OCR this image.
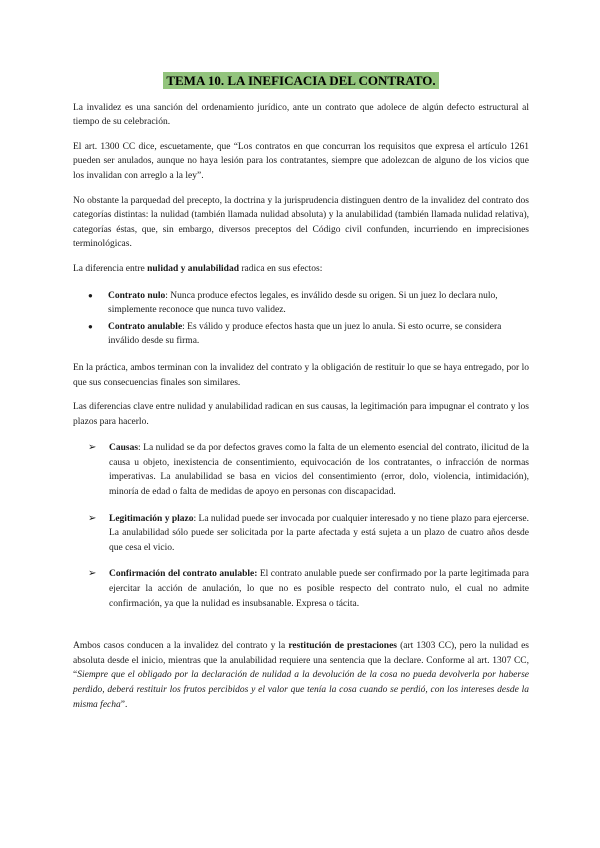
TEMA 10. LA INEFICACIA DEL CONTRATO.

La invalidez es una sanción del ordenamiento jurídico, ante un contrato que adolece de algún defecto estructural al tiempo de su celebración.

El art. 1300 CC dice, escuetamente, que “Los contratos en que concurran los requisitos que expresa el artículo 1261 pueden ser anulados, aunque no haya lesión para los contratantes, siempre que adolezcan de alguno de los vicios que los invalidan con arreglo a la ley”.

No obstante la parquedad del precepto, la doctrina y la jurisprudencia distinguen dentro de la invalidez del contrato dos categorías distintas: la nulidad (también llamada nulidad absoluta) y la anulabilidad (también llamada nulidad relativa), categorías éstas, que, sin embargo, diversos preceptos del Código civil confunden, incurriendo en imprecisiones terminológicas.

La diferencia entre nulidad y anulabilidad radica en sus efectos:

● Contrato nulo: Nunca produce efectos legales, es inválido desde su origen. Si un juez lo declara nulo, simplemente reconoce que nunca tuvo validez.
● Contrato anulable: Es válido y produce efectos hasta que un juez lo anula. Si esto ocurre, se considera inválido desde su firma.

En la práctica, ambos terminan con la invalidez del contrato y la obligación de restituir lo que se haya entregado, por lo que sus consecuencias finales son similares.

Las diferencias clave entre nulidad y anulabilidad radican en sus causas, la legitimación para impugnar el contrato y los plazos para hacerlo.

➢ Causas: La nulidad se da por defectos graves como la falta de un elemento esencial del contrato, ilicitud de la causa u objeto, inexistencia de consentimiento, equivocación de los contratantes, o infracción de normas imperativas. La anulabilidad se basa en vicios del consentimiento (error, dolo, violencia, intimidación), minoría de edad o falta de medidas de apoyo en personas con discapacidad.
➢ Legitimación y plazo: La nulidad puede ser invocada por cualquier interesado y no tiene plazo para ejercerse. La anulabilidad sólo puede ser solicitada por la parte afectada y está sujeta a un plazo de cuatro años desde que cesa el vicio.
➢ Confirmación del contrato anulable: El contrato anulable puede ser confirmado por la parte legitimada para ejercitar la acción de anulación, lo que no es posible respecto del contrato nulo, el cual no admite confirmación, ya que la nulidad es insubsanable. Expresa o tácita.

Ambos casos conducen a la invalidez del contrato y la restitución de prestaciones (art 1303 CC), pero la nulidad es absoluta desde el inicio, mientras que la anulabilidad requiere una sentencia que la declare. Conforme al art. 1307 CC, “Siempre que el obligado por la declaración de nulidad a la devolución de la cosa no pueda devolverla por haberse perdido, deberá restituir los frutos percibidos y el valor que tenía la cosa cuando se perdió, con los intereses desde la misma fecha”.
